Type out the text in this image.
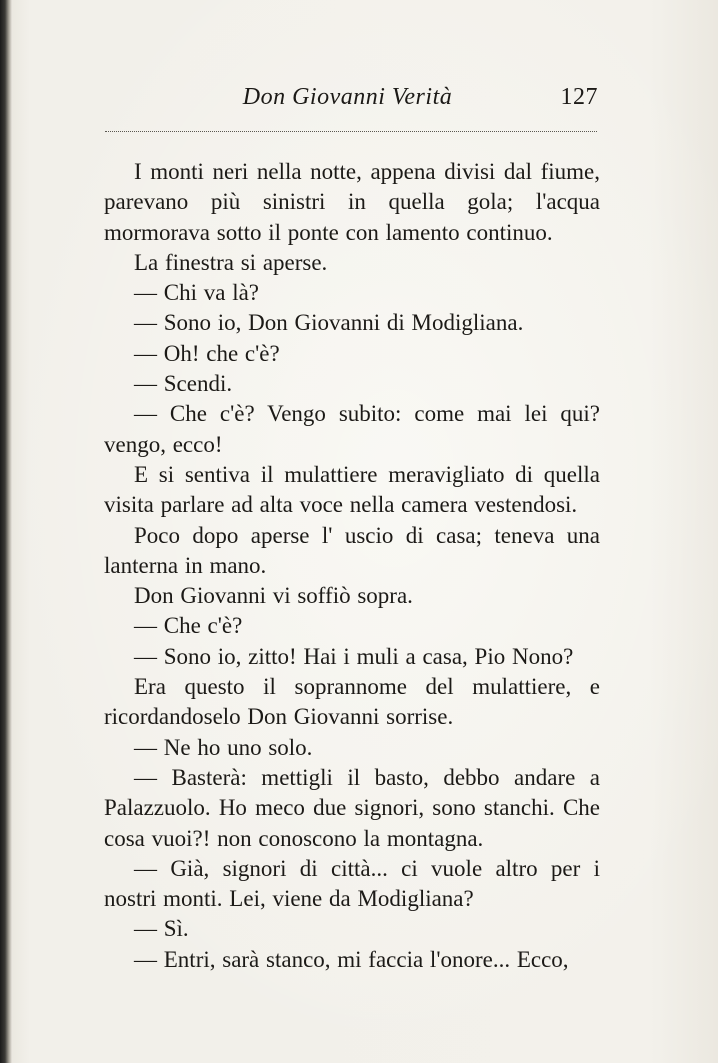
Don Giovanni Verità	127

I monti neri nella notte, appena divisi dal fiume, parevano più sinistri in quella gola; l'acqua mormorava sotto il ponte con lamento continuo.

La finestra si aperse.

— Chi va là?

— Sono io, Don Giovanni di Modigliana.

— Oh! che c'è?

— Scendi.

— Che c'è? Vengo subito: come mai lei qui? vengo, ecco!

E si sentiva il mulattiere meravigliato di quella visita parlare ad alta voce nella camera vestendosi.

Poco dopo aperse l' uscio di casa; teneva una lanterna in mano.

Don Giovanni vi soffiò sopra.

— Che c'è?

— Sono io, zitto! Hai i muli a casa, Pio Nono?

Era questo il soprannome del mulattiere, e ricordandoselo Don Giovanni sorrise.

— Ne ho uno solo.

— Basterà: mettigli il basto, debbo andare a Palazzuolo. Ho meco due signori, sono stanchi. Che cosa vuoi?! non conoscono la montagna.

— Già, signori di città... ci vuole altro per i nostri monti. Lei, viene da Modigliana?

— Sì.

— Entri, sarà stanco, mi faccia l'onore... Ecco,
